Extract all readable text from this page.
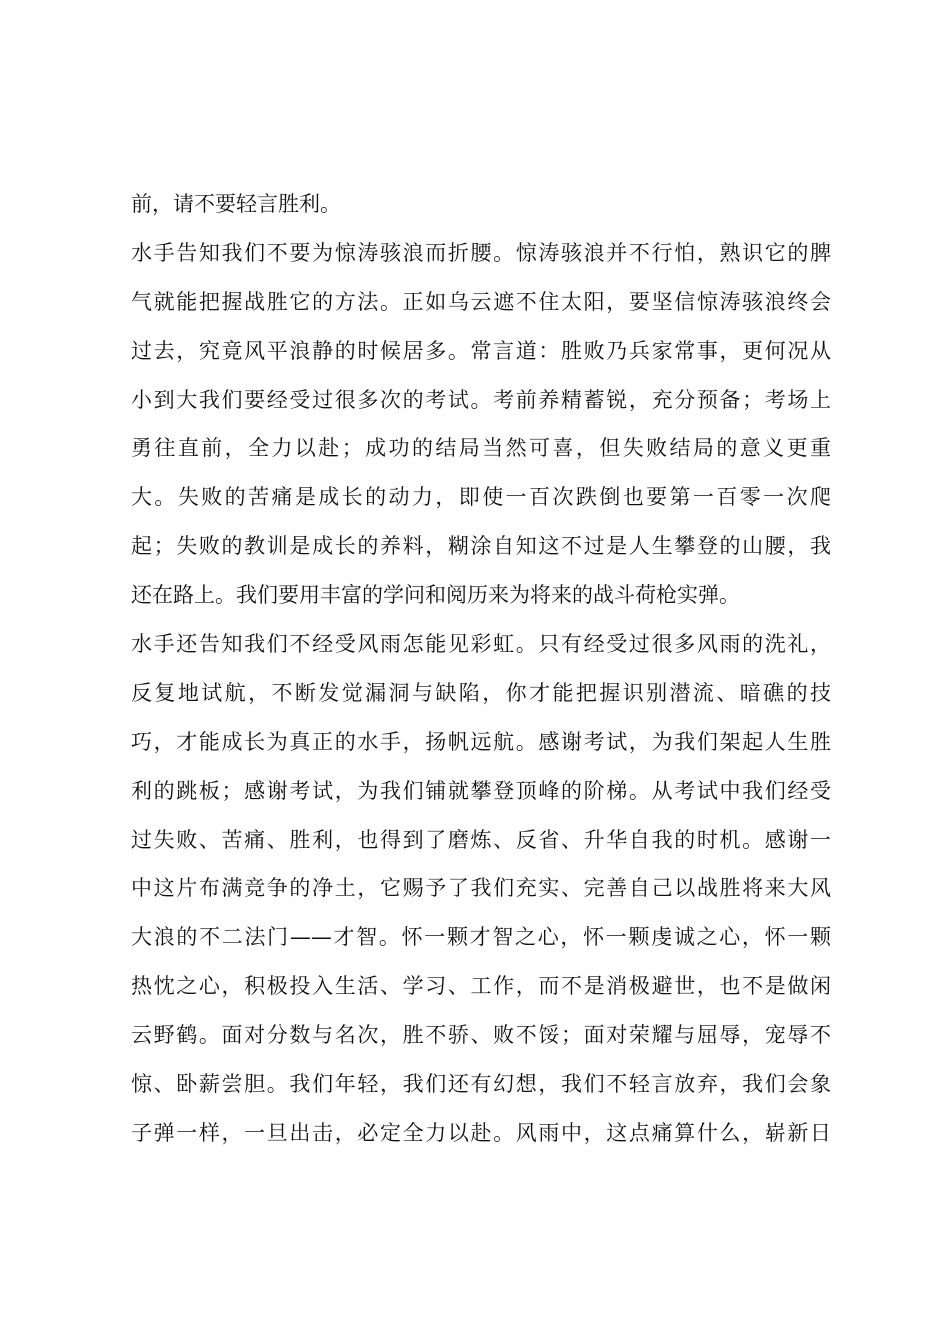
前，请不要轻言胜利。
水手告知我们不要为惊涛骇浪而折腰。惊涛骇浪并不行怕，熟识它的脾
气就能把握战胜它的方法。正如乌云遮不住太阳，要坚信惊涛骇浪终会
过去，究竟风平浪静的时候居多。常言道：胜败乃兵家常事，更何况从
小到大我们要经受过很多次的考试。考前养精蓄锐，充分预备；考场上
勇往直前，全力以赴；成功的结局当然可喜，但失败结局的意义更重
大。失败的苦痛是成长的动力，即使一百次跌倒也要第一百零一次爬
起；失败的教训是成长的养料，糊涂自知这不过是人生攀登的山腰，我
还在路上。我们要用丰富的学问和阅历来为将来的战斗荷枪实弹。
水手还告知我们不经受风雨怎能见彩虹。只有经受过很多风雨的洗礼，
反复地试航，不断发觉漏洞与缺陷，你才能把握识别潜流、暗礁的技
巧，才能成长为真正的水手，扬帆远航。感谢考试，为我们架起人生胜
利的跳板；感谢考试，为我们铺就攀登顶峰的阶梯。从考试中我们经受
过失败、苦痛、胜利，也得到了磨炼、反省、升华自我的时机。感谢一
中这片布满竞争的净土，它赐予了我们充实、完善自己以战胜将来大风
大浪的不二法门——才智。怀一颗才智之心，怀一颗虔诚之心，怀一颗
热忱之心，积极投入生活、学习、工作，而不是消极避世，也不是做闲
云野鹤。面对分数与名次，胜不骄、败不馁；面对荣耀与屈辱，宠辱不
惊、卧薪尝胆。我们年轻，我们还有幻想，我们不轻言放弃，我们会象
子弹一样，一旦出击，必定全力以赴。风雨中，这点痛算什么，崭新日
